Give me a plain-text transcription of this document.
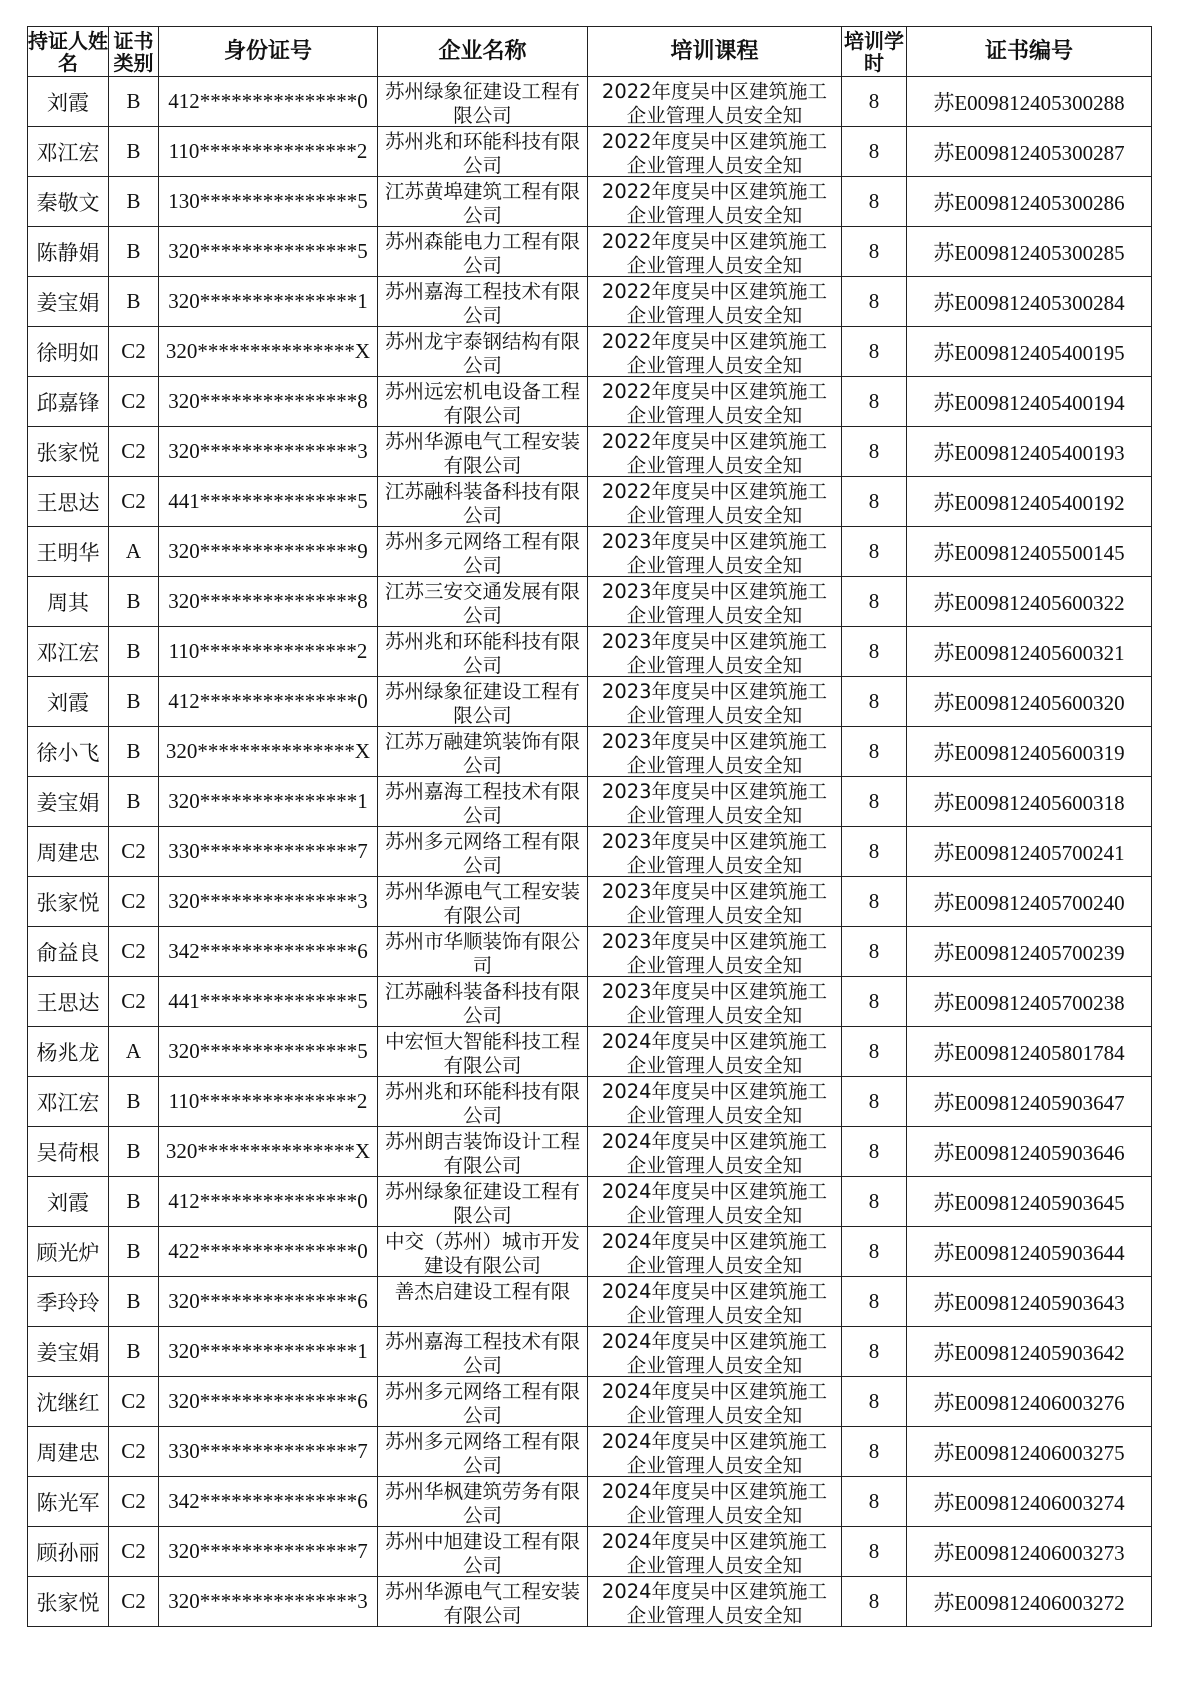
持证人姓名	证书类别	身份证号	企业名称	培训课程	培训学时	证书编号
刘霞	B	412***************0	苏州绿象征建设工程有限公司	2022年度吴中区建筑施工企业管理人员安全知	8	苏E009812405300288
邓江宏	B	110***************2	苏州兆和环能科技有限公司	2022年度吴中区建筑施工企业管理人员安全知	8	苏E009812405300287
秦敬文	B	130***************5	江苏黄埠建筑工程有限公司	2022年度吴中区建筑施工企业管理人员安全知	8	苏E009812405300286
陈静娟	B	320***************5	苏州森能电力工程有限公司	2022年度吴中区建筑施工企业管理人员安全知	8	苏E009812405300285
姜宝娟	B	320***************1	苏州嘉海工程技术有限公司	2022年度吴中区建筑施工企业管理人员安全知	8	苏E009812405300284
徐明如	C2	320***************X	苏州龙宇泰钢结构有限公司	2022年度吴中区建筑施工企业管理人员安全知	8	苏E009812405400195
邱嘉锋	C2	320***************8	苏州远宏机电设备工程有限公司	2022年度吴中区建筑施工企业管理人员安全知	8	苏E009812405400194
张家悦	C2	320***************3	苏州华源电气工程安装有限公司	2022年度吴中区建筑施工企业管理人员安全知	8	苏E009812405400193
王思达	C2	441***************5	江苏融科装备科技有限公司	2022年度吴中区建筑施工企业管理人员安全知	8	苏E009812405400192
王明华	A	320***************9	苏州多元网络工程有限公司	2023年度吴中区建筑施工企业管理人员安全知	8	苏E009812405500145
周其	B	320***************8	江苏三安交通发展有限公司	2023年度吴中区建筑施工企业管理人员安全知	8	苏E009812405600322
邓江宏	B	110***************2	苏州兆和环能科技有限公司	2023年度吴中区建筑施工企业管理人员安全知	8	苏E009812405600321
刘霞	B	412***************0	苏州绿象征建设工程有限公司	2023年度吴中区建筑施工企业管理人员安全知	8	苏E009812405600320
徐小飞	B	320***************X	江苏万融建筑装饰有限公司	2023年度吴中区建筑施工企业管理人员安全知	8	苏E009812405600319
姜宝娟	B	320***************1	苏州嘉海工程技术有限公司	2023年度吴中区建筑施工企业管理人员安全知	8	苏E009812405600318
周建忠	C2	330***************7	苏州多元网络工程有限公司	2023年度吴中区建筑施工企业管理人员安全知	8	苏E009812405700241
张家悦	C2	320***************3	苏州华源电气工程安装有限公司	2023年度吴中区建筑施工企业管理人员安全知	8	苏E009812405700240
俞益良	C2	342***************6	苏州市华顺装饰有限公司	2023年度吴中区建筑施工企业管理人员安全知	8	苏E009812405700239
王思达	C2	441***************5	江苏融科装备科技有限公司	2023年度吴中区建筑施工企业管理人员安全知	8	苏E009812405700238
杨兆龙	A	320***************5	中宏恒大智能科技工程有限公司	2024年度吴中区建筑施工企业管理人员安全知	8	苏E009812405801784
邓江宏	B	110***************2	苏州兆和环能科技有限公司	2024年度吴中区建筑施工企业管理人员安全知	8	苏E009812405903647
吴荷根	B	320***************X	苏州朗吉装饰设计工程有限公司	2024年度吴中区建筑施工企业管理人员安全知	8	苏E009812405903646
刘霞	B	412***************0	苏州绿象征建设工程有限公司	2024年度吴中区建筑施工企业管理人员安全知	8	苏E009812405903645
顾光炉	B	422***************0	中交（苏州）城市开发建设有限公司	2024年度吴中区建筑施工企业管理人员安全知	8	苏E009812405903644
季玲玲	B	320***************6	善杰启建设工程有限	2024年度吴中区建筑施工企业管理人员安全知	8	苏E009812405903643
姜宝娟	B	320***************1	苏州嘉海工程技术有限公司	2024年度吴中区建筑施工企业管理人员安全知	8	苏E009812405903642
沈继红	C2	320***************6	苏州多元网络工程有限公司	2024年度吴中区建筑施工企业管理人员安全知	8	苏E009812406003276
周建忠	C2	330***************7	苏州多元网络工程有限公司	2024年度吴中区建筑施工企业管理人员安全知	8	苏E009812406003275
陈光军	C2	342***************6	苏州华枫建筑劳务有限公司	2024年度吴中区建筑施工企业管理人员安全知	8	苏E009812406003274
顾孙丽	C2	320***************7	苏州中旭建设工程有限公司	2024年度吴中区建筑施工企业管理人员安全知	8	苏E009812406003273
张家悦	C2	320***************3	苏州华源电气工程安装有限公司	2024年度吴中区建筑施工企业管理人员安全知	8	苏E009812406003272
